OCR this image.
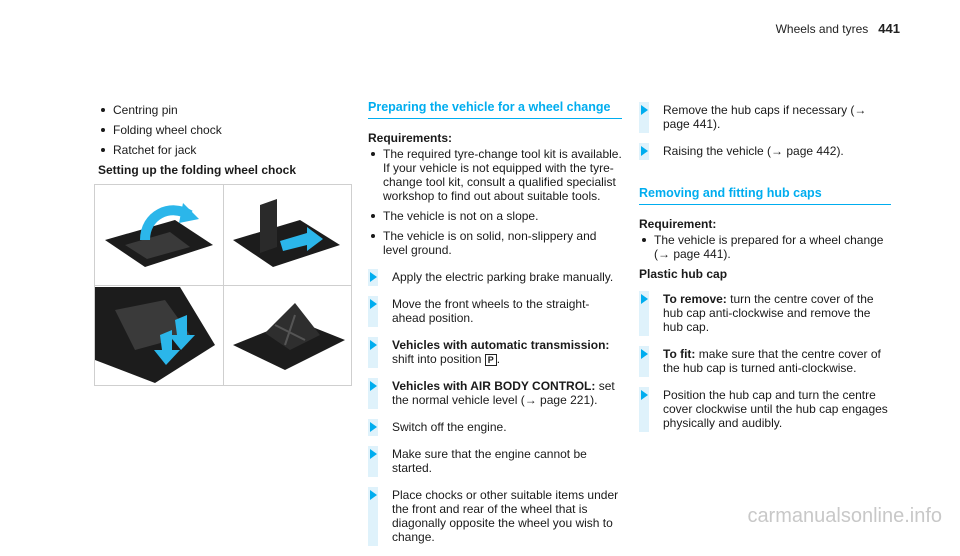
Wheels and tyres 441
Centring pin
Folding wheel chock
Ratchet for jack
Setting up the folding wheel chock
Preparing the vehicle for a wheel change
Requirements:
The required tyre-change tool kit is available. If your vehicle is not equipped with the tyre-change tool kit, consult a qualified specialist workshop to find out about suitable tools.
The vehicle is not on a slope.
The vehicle is on solid, non-slippery and level ground.
Apply the electric parking brake manually.
Move the front wheels to the straight-ahead position.
Vehicles with automatic transmission: shift into position P .
Vehicles with AIR BODY CONTROL: set the normal vehicle level (→ page 221).
Switch off the engine.
Make sure that the engine cannot be started.
Place chocks or other suitable items under the front and rear of the wheel that is diagonally opposite the wheel you wish to change.
Remove the hub caps if necessary (→ page 441).
Raising the vehicle (→ page 442).
Removing and fitting hub caps
Requirement:
The vehicle is prepared for a wheel change (→ page 441).
Plastic hub cap
To remove: turn the centre cover of the hub cap anti-clockwise and remove the hub cap.
To fit: make sure that the centre cover of the hub cap is turned anti-clockwise.
Position the hub cap and turn the centre cover clockwise until the hub cap engages physically and audibly.
carmanualsonline.info
